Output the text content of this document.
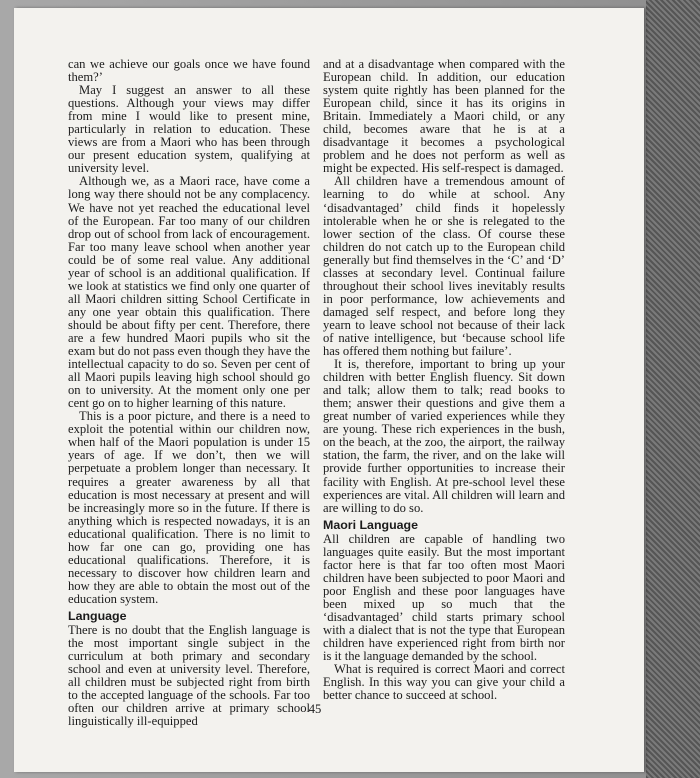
can we achieve our goals once we have found them?’

May I suggest an answer to all these questions. Although your views may differ from mine I would like to present mine, particularly in relation to education. These views are from a Maori who has been through our present education system, qualifying at university level.

Although we, as a Maori race, have come a long way there should not be any complacency. We have not yet reached the educational level of the European. Far too many of our children drop out of school from lack of encouragement. Far too many leave school when another year could be of some real value. Any additional year of school is an additional qualification. If we look at statistics we find only one quarter of all Maori children sitting School Certificate in any one year obtain this qualification. There should be about fifty per cent. Therefore, there are a few hundred Maori pupils who sit the exam but do not pass even though they have the intellectual capacity to do so. Seven per cent of all Maori pupils leaving high school should go on to university. At the moment only one per cent go on to higher learning of this nature.

This is a poor picture, and there is a need to exploit the potential within our children now, when half of the Maori population is under 15 years of age. If we don’t, then we will perpetuate a problem longer than necessary. It requires a greater awareness by all that education is most necessary at present and will be increasingly more so in the future. If there is anything which is respected nowadays, it is an educational qualification. There is no limit to how far one can go, providing one has educational qualifications. Therefore, it is necessary to discover how children learn and how they are able to obtain the most out of the education system.

Language

There is no doubt that the English language is the most important single subject in the curriculum at both primary and secondary school and even at university level. Therefore, all children must be subjected right from birth to the accepted language of the schools. Far too often our children arrive at primary school linguistically ill-equipped

and at a disadvantage when compared with the European child. In addition, our education system quite rightly has been planned for the European child, since it has its origins in Britain. Immediately a Maori child, or any child, becomes aware that he is at a disadvantage it becomes a psychological problem and he does not perform as well as might be expected. His self-respect is damaged.

All children have a tremendous amount of learning to do while at school. Any ‘disadvantaged’ child finds it hopelessly intolerable when he or she is relegated to the lower section of the class. Of course these children do not catch up to the European child generally but find themselves in the ‘C’ and ‘D’ classes at secondary level. Continual failure throughout their school lives inevitably results in poor performance, low achievements and damaged self respect, and before long they yearn to leave school not because of their lack of native intelligence, but ‘because school life has offered them nothing but failure’.

It is, therefore, important to bring up your children with better English fluency. Sit down and talk; allow them to talk; read books to them; answer their questions and give them a great number of varied experiences while they are young. These rich experiences in the bush, on the beach, at the zoo, the airport, the railway station, the farm, the river, and on the lake will provide further opportunities to increase their facility with English. At pre-school level these experiences are vital. All children will learn and are willing to do so.

Maori Language

All children are capable of handling two languages quite easily. But the most important factor here is that far too often most Maori children have been subjected to poor Maori and poor English and these poor languages have been mixed up so much that the ‘disadvantaged’ child starts primary school with a dialect that is not the type that European children have experienced right from birth nor is it the language demanded by the school.

What is required is correct Maori and correct English. In this way you can give your child a better chance to succeed at school.

45
